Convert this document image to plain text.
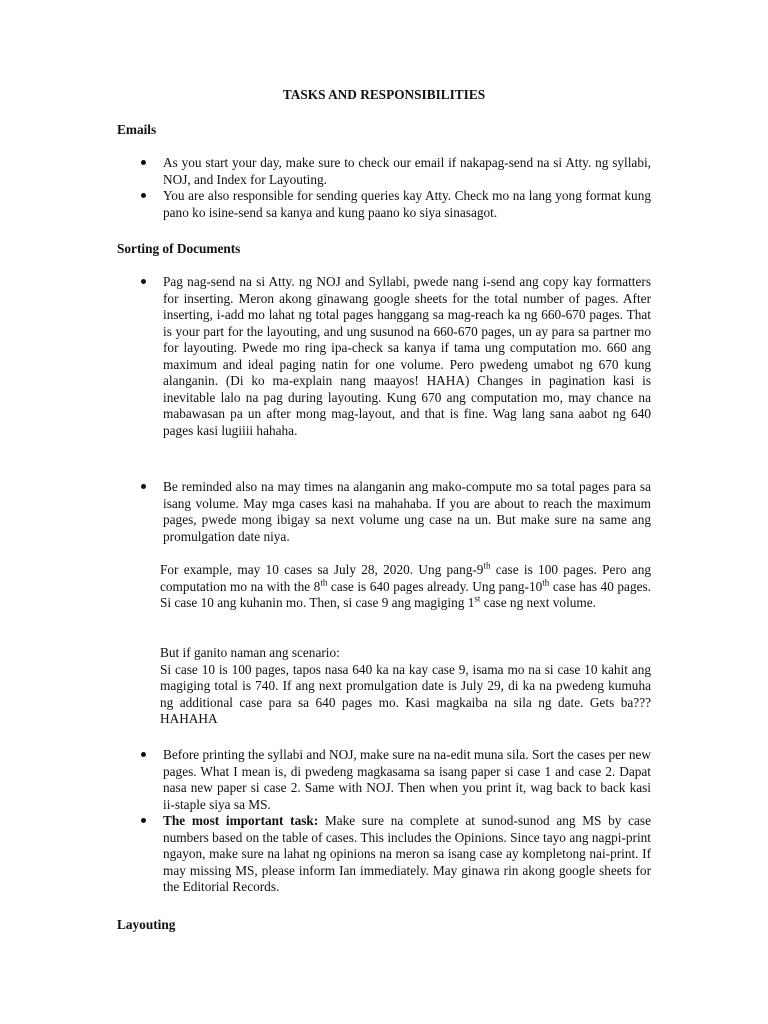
TASKS AND RESPONSIBILITIES
Emails
As you start your day, make sure to check our email if nakapag-send na si Atty. ng syllabi, NOJ, and Index for Layouting.
You are also responsible for sending queries kay Atty. Check mo na lang yong format kung pano ko isine-send sa kanya and kung paano ko siya sinasagot.
Sorting of Documents
Pag nag-send na si Atty. ng NOJ and Syllabi, pwede nang i-send ang copy kay formatters for inserting. Meron akong ginawang google sheets for the total number of pages. After inserting, i-add mo lahat ng total pages hanggang sa mag-reach ka ng 660-670 pages. That is your part for the layouting, and ung susunod na 660-670 pages, un ay para sa partner mo for layouting. Pwede mo ring ipa-check sa kanya if tama ung computation mo. 660 ang maximum and ideal paging natin for one volume. Pero pwedeng umabot ng 670 kung alanganin. (Di ko ma-explain nang maayos! HAHA) Changes in pagination kasi is inevitable lalo na pag during layouting. Kung 670 ang computation mo, may chance na mabawasan pa un after mong mag-layout, and that is fine. Wag lang sana aabot ng 640 pages kasi lugiiii hahaha.
Be reminded also na may times na alanganin ang mako-compute mo sa total pages para sa isang volume. May mga cases kasi na mahahaba. If you are about to reach the maximum pages, pwede mong ibigay sa next volume ung case na un. But make sure na same ang promulgation date niya.

For example, may 10 cases sa July 28, 2020. Ung pang-9th case is 100 pages. Pero ang computation mo na with the 8th case is 640 pages already. Ung pang-10th case has 40 pages. Si case 10 ang kuhanin mo. Then, si case 9 ang magiging 1st case ng next volume.

But if ganito naman ang scenario:
Si case 10 is 100 pages, tapos nasa 640 ka na kay case 9, isama mo na si case 10 kahit ang magiging total is 740. If ang next promulgation date is July 29, di ka na pwedeng kumuha ng additional case para sa 640 pages mo. Kasi magkaiba na sila ng date. Gets ba??? HAHAHA

Before printing the syllabi and NOJ, make sure na na-edit muna sila. Sort the cases per new pages. What I mean is, di pwedeng magkasama sa isang paper si case 1 and case 2. Dapat nasa new paper si case 2. Same with NOJ. Then when you print it, wag back to back kasi ii-staple siya sa MS.
The most important task: Make sure na complete at sunod-sunod ang MS by case numbers based on the table of cases. This includes the Opinions. Since tayo ang nagpi-print ngayon, make sure na lahat ng opinions na meron sa isang case ay kompletong nai-print. If may missing MS, please inform Ian immediately. May ginawa rin akong google sheets for the Editorial Records.
Layouting
